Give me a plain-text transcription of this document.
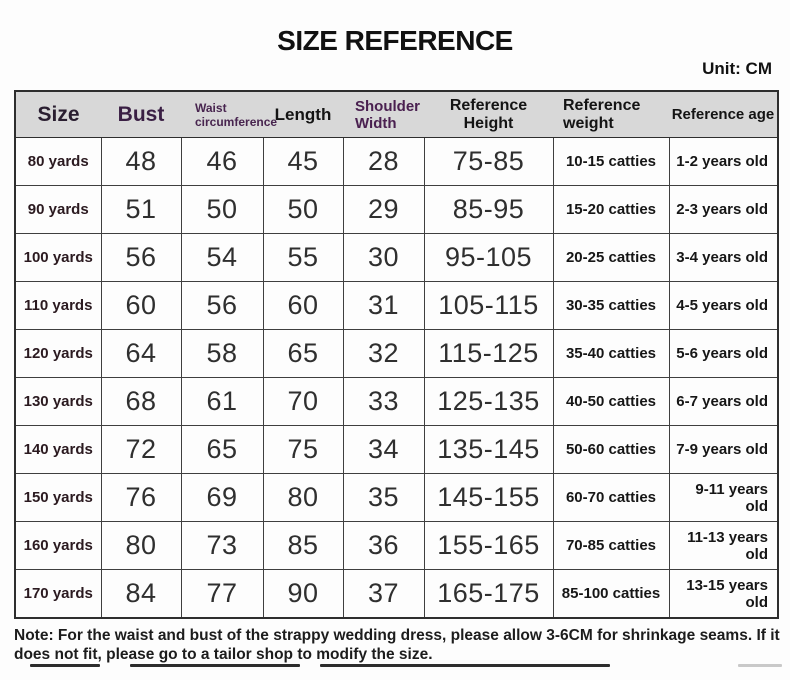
SIZE REFERENCE
Unit: CM
Size	Bust	Waist circumference	Length	Shoulder Width	Reference Height	Reference weight	Reference age
80 yards	48	46	45	28	75-85	10-15 catties	1-2 years old
90 yards	51	50	50	29	85-95	15-20 catties	2-3 years old
100 yards	56	54	55	30	95-105	20-25 catties	3-4 years old
110 yards	60	56	60	31	105-115	30-35 catties	4-5 years old
120 yards	64	58	65	32	115-125	35-40 catties	5-6 years old
130 yards	68	61	70	33	125-135	40-50 catties	6-7 years old
140 yards	72	65	75	34	135-145	50-60 catties	7-9 years old
150 yards	76	69	80	35	145-155	60-70 catties	9-11 years old
160 yards	80	73	85	36	155-165	70-85 catties	11-13 years old
170 yards	84	77	90	37	165-175	85-100 catties	13-15 years old
Note: For the waist and bust of the strappy wedding dress, please allow 3-6CM for shrinkage seams. If it does not fit, please go to a tailor shop to modify the size.
